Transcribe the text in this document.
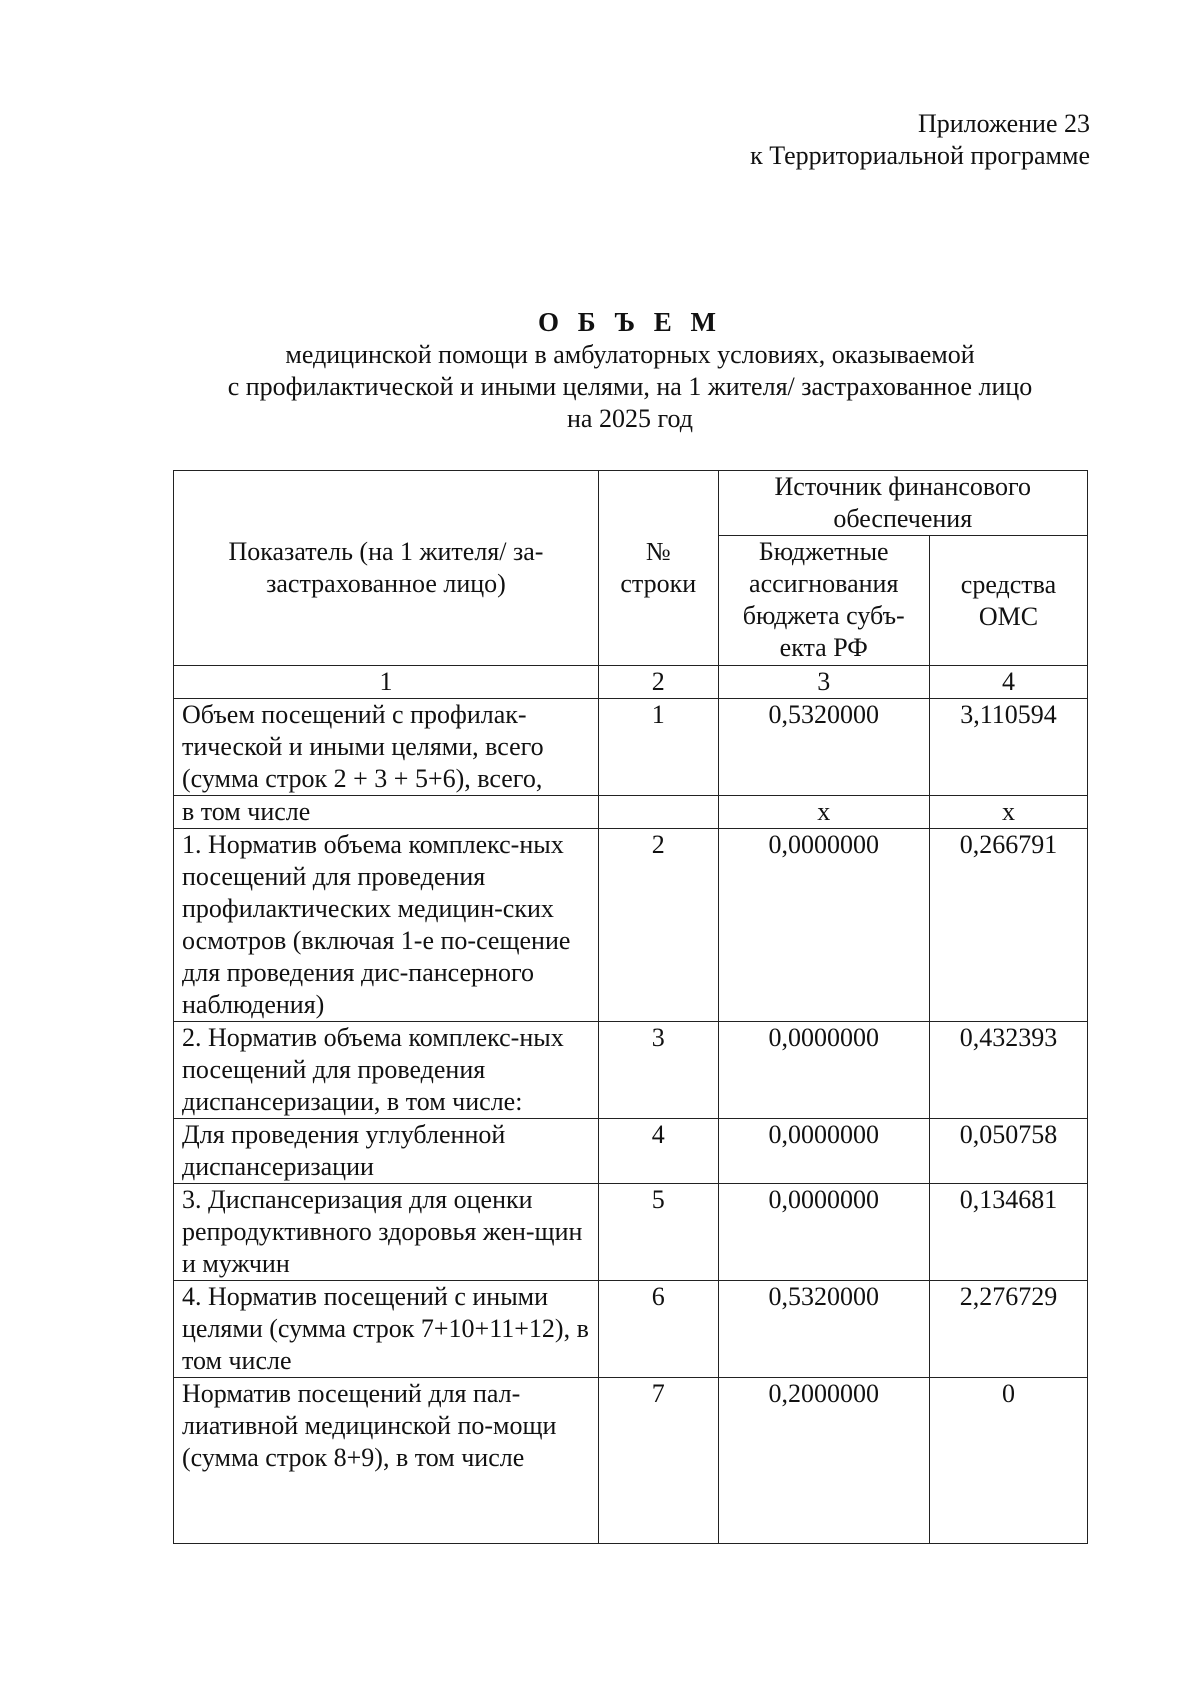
Приложение 23
к Территориальной программе
О Б Ъ Е М
медицинской помощи в амбулаторных условиях, оказываемой
с профилактической и иными целями, на 1 жителя/ застрахованное лицо
на 2025 год
Показатель (на 1 жителя/ за-застрахованное лицо)	№ строки	Источник финансового обеспечения	
		Бюджетные ассигнования бюджета субъ-екта РФ	средства ОМС
1	2	3	4
Объем посещений с профилак-тической и иными целями, всего (сумма строк 2 + 3 + 5+6), всего,	1	0,5320000	3,110594
в том числе		х	х
1. Норматив объема комплекс-ных посещений для проведения профилактических медицин-ских осмотров (включая 1-е по-сещение для проведения дис-пансерного наблюдения)	2	0,0000000	0,266791
2. Норматив объема комплекс-ных посещений для проведения диспансеризации, в том числе:	3	0,0000000	0,432393
Для проведения углубленной диспансеризации	4	0,0000000	0,050758
3. Диспансеризация для оценки репродуктивного здоровья жен-щин и мужчин	5	0,0000000	0,134681
4. Норматив посещений с иными целями (сумма строк 7+10+11+12), в том числе	6	0,5320000	2,276729
Норматив посещений для пал-лиативной медицинской по-мощи (сумма строк 8+9), в том числе	7	0,2000000	0
